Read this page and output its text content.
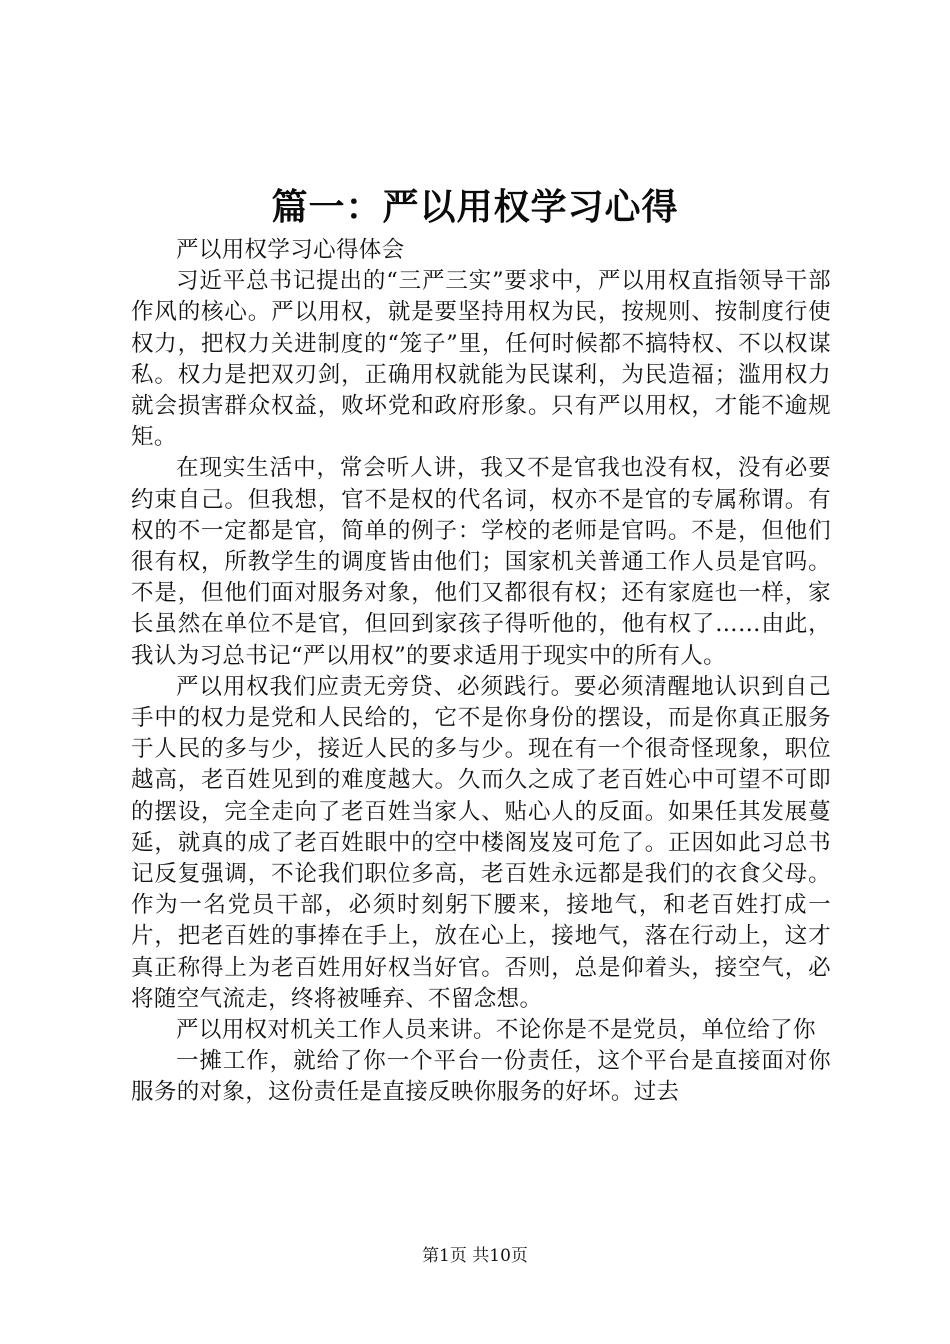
篇一：严以用权学习心得

严以用权学习心得体会

习近平总书记提出的“三严三实”要求中，严以用权直指领导干部作风的核心。严以用权，就是要坚持用权为民，按规则、按制度行使权力，把权力关进制度的“笼子”里，任何时候都不搞特权、不以权谋私。权力是把双刃剑，正确用权就能为民谋利，为民造福；滥用权力就会损害群众权益，败坏党和政府形象。只有严以用权，才能不逾规矩。

在现实生活中，常会听人讲，我又不是官我也没有权，没有必要约束自己。但我想，官不是权的代名词，权亦不是官的专属称谓。有权的不一定都是官，简单的例子：学校的老师是官吗。不是，但他们很有权，所教学生的调度皆由他们；国家机关普通工作人员是官吗。不是，但他们面对服务对象，他们又都很有权；还有家庭也一样，家长虽然在单位不是官，但回到家孩子得听他的，他有权了……由此，我认为习总书记“严以用权”的要求适用于现实中的所有人。

严以用权我们应责无旁贷、必须践行。要必须清醒地认识到自己手中的权力是党和人民给的，它不是你身份的摆设，而是你真正服务于人民的多与少，接近人民的多与少。现在有一个很奇怪现象，职位越高，老百姓见到的难度越大。久而久之成了老百姓心中可望不可即的摆设，完全走向了老百姓当家人、贴心人的反面。如果任其发展蔓延，就真的成了老百姓眼中的空中楼阁岌岌可危了。正因如此习总书记反复强调，不论我们职位多高，老百姓永远都是我们的衣食父母。作为一名党员干部，必须时刻躬下腰来，接地气，和老百姓打成一片，把老百姓的事捧在手上，放在心上，接地气，落在行动上，这才真正称得上为老百姓用好权当好官。否则，总是仰着头，接空气，必将随空气流走，终将被唾弃、不留念想。

严以用权对机关工作人员来讲。不论你是不是党员，单位给了你

一摊工作，就给了你一个平台一份责任，这个平台是直接面对你服务的对象，这份责任是直接反映你服务的好坏。过去

第1页 共10页
